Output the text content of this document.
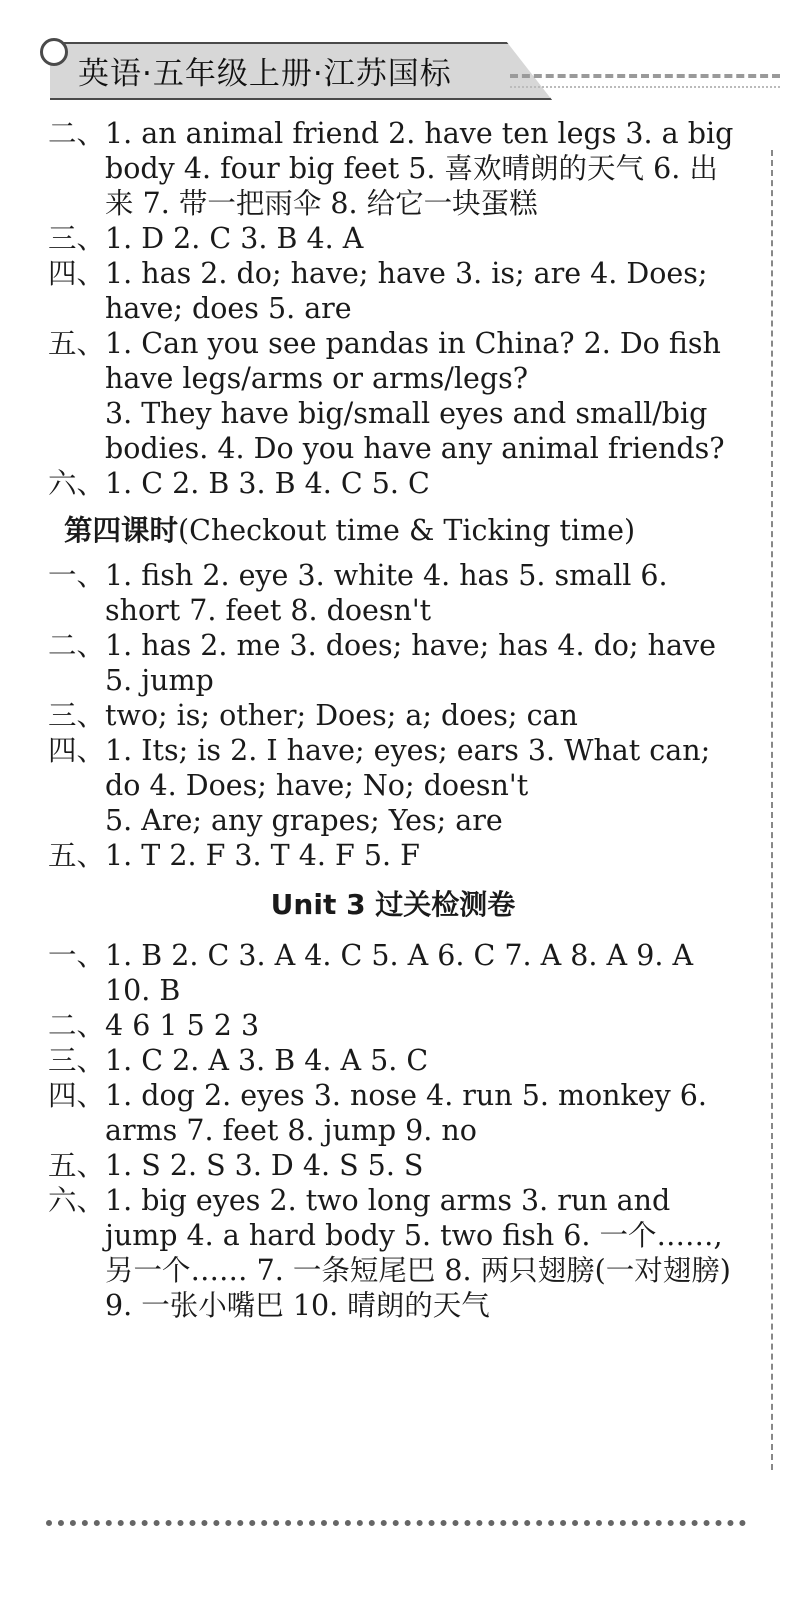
英语·五年级上册·江苏国标
二、 1. an animal friend 2. have ten legs 3. a big body 4. four big feet 5. 喜欢晴朗的天气 6. 出来 7. 带一把雨伞 8. 给它一块蛋糕
三、 1. D 2. C 3. B 4. A
四、 1. has 2. do; have; have 3. is; are 4. Does; have; does 5. are
五、 1. Can you see pandas in China? 2. Do fish have legs/arms or arms/legs?
3. They have big/small eyes and small/big bodies. 4. Do you have any animal friends?
六、 1. C 2. B 3. B 4. C 5. C
第四课时(Checkout time & Ticking time)
一、 1. fish 2. eye 3. white 4. has 5. small 6. short 7. feet 8. doesn't
二、 1. has 2. me 3. does; have; has 4. do; have 5. jump
三、 two; is; other; Does; a; does; can
四、 1. Its; is 2. I have; eyes; ears 3. What can; do 4. Does; have; No; doesn't
5. Are; any grapes; Yes; are
五、 1. T 2. F 3. T 4. F 5. F
Unit 3 过关检测卷
一、 1. B 2. C 3. A 4. C 5. A 6. C 7. A 8. A 9. A 10. B
二、 4 6 1 5 2 3
三、 1. C 2. A 3. B 4. A 5. C
四、 1. dog 2. eyes 3. nose 4. run 5. monkey 6. arms 7. feet 8. jump 9. no
五、 1. S 2. S 3. D 4. S 5. S
六、 1. big eyes 2. two long arms 3. run and jump 4. a hard body 5. two fish 6. 一个……,另一个…… 7. 一条短尾巴 8. 两只翅膀(一对翅膀) 9. 一张小嘴巴 10. 晴朗的天气
